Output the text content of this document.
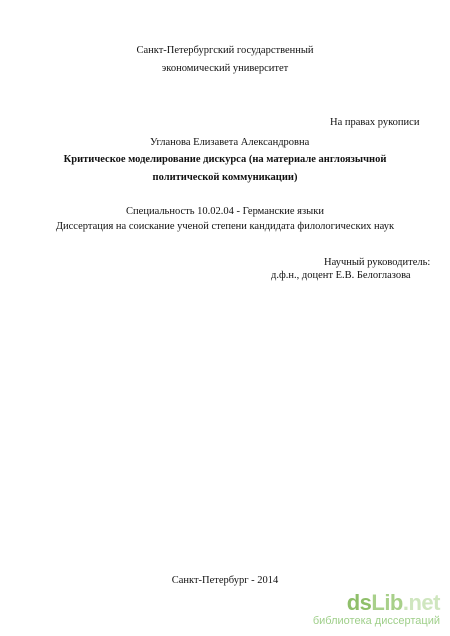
Санкт-Петербургский государственный
экономический университет
На правах рукописи
Угланова Елизавета Александровна
Критическое моделирование дискурса (на материале англоязычной
политической коммуникации)
Специальность 10.02.04 - Германские языки
Диссертация на соискание ученой степени кандидата филологических наук
Научный руководитель:
д.ф.н., доцент Е.В. Белоглазова
Санкт-Петербург - 2014
dsLib.net
библиотека диссертаций
